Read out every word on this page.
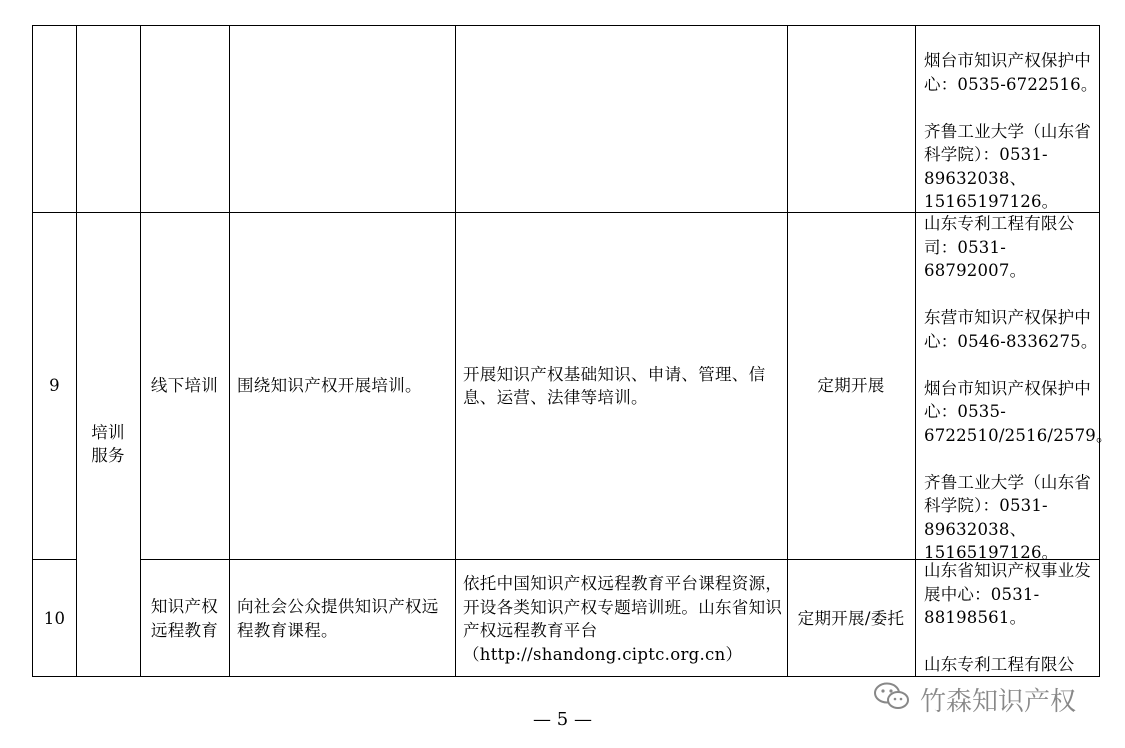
烟台市知识产权保护中心：0535-6722516。

齐鲁工业大学（山东省科学院）：0531-89632038、15165197126。

9
培训服务
线下培训	围绕知识产权开展培训。
开展知识产权基础知识、申请、管理、信息、运营、法律等培训。
定期开展

山东专利工程有限公司：0531-68792007。

东营市知识产权保护中心：0546-8336275。

烟台市知识产权保护中心：0535-6722510/2516/2579。

齐鲁工业大学（山东省科学院）：0531-89632038、15165197126。

10
知识产权远程教育
向社会公众提供知识产权远程教育课程。
依托中国知识产权远程教育平台课程资源，开设各类知识产权专题培训班。山东省知识产权远程教育平台（http://shandong.ciptc.org.cn）
定期开展/委托

山东省知识产权事业发展中心：0531-88198561。

山东专利工程有限公

竹森知识产权
— 5 —
